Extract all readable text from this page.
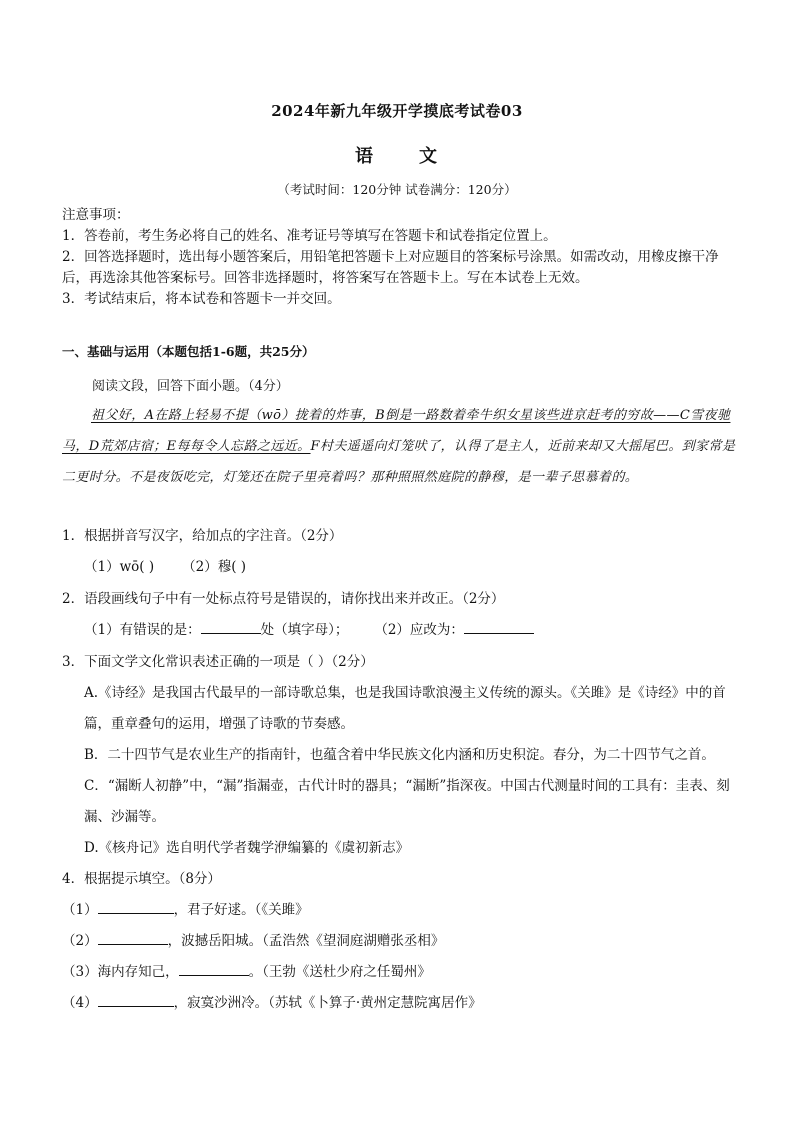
2024年新九年级开学摸底考试卷03
语 文
（考试时间：120分钟 试卷满分：120分）

注意事项：

1．答卷前，考生务必将自己的姓名、准考证号等填写在答题卡和试卷指定位置上。

2．回答选择题时，选出每小题答案后，用铅笔把答题卡上对应题目的答案标号涂黑。如需改动，用橡皮擦干净后，再选涂其他答案标号。回答非选择题时，将答案写在答题卡上。写在本试卷上无效。

3．考试结束后，将本试卷和答题卡一并交回。

一、基础与运用（本题包括1-6题，共25分）
阅读文段，回答下面小题。（4分）

祖父好，A在路上轻易不提（wō）拢着的炸事，B倒是一路数着牵牛织女星该些进京赶考的穷故——C雪夜驰马，D荒郊店宿；E每每令人忘路之远近。F村夫遥遥向灯笼吠了，认得了是主人，近前来却又大摇尾巴。到家常是二更时分。不是夜饭吃完，灯笼还在院子里亮着吗？那种照照然庭院的静穆，是一辈子思慕着的。

1．根据拼音写汉字，给加点的字注音。（2分）

（1）wō( ) （2）穆( )

2．语段画线句子中有一处标点符号是错误的，请你找出来并改正。（2分）

（1）有错误的是：	处（填字母）； （2）应改为：

3．下面文学文化常识表述正确的一项是（ ）（2分）

A.《诗经》是我国古代最早的一部诗歌总集，也是我国诗歌浪漫主义传统的源头。《关雎》是《诗经》中的首篇，重章叠句的运用，增强了诗歌的节奏感。

B．二十四节气是农业生产的指南针，也蕴含着中华民族文化内涵和历史积淀。春分，为二十四节气之首。

C．“漏断人初静”中，“漏”指漏壶，古代计时的器具；“漏断”指深夜。中国古代测量时间的工具有：圭表、刻漏、沙漏等。

D.《核舟记》选自明代学者魏学洢编纂的《虞初新志》

4．根据提示填空。（8分）

（1）	，君子好逑。（《关雎》

（2）	，波撼岳阳城。（孟浩然《望洞庭湖赠张丞相》

（3）海内存知己，	。（王勃《送杜少府之任蜀州》

（4）	，寂寞沙洲冷。（苏轼《卜算子·黄州定慧院寓居作》
